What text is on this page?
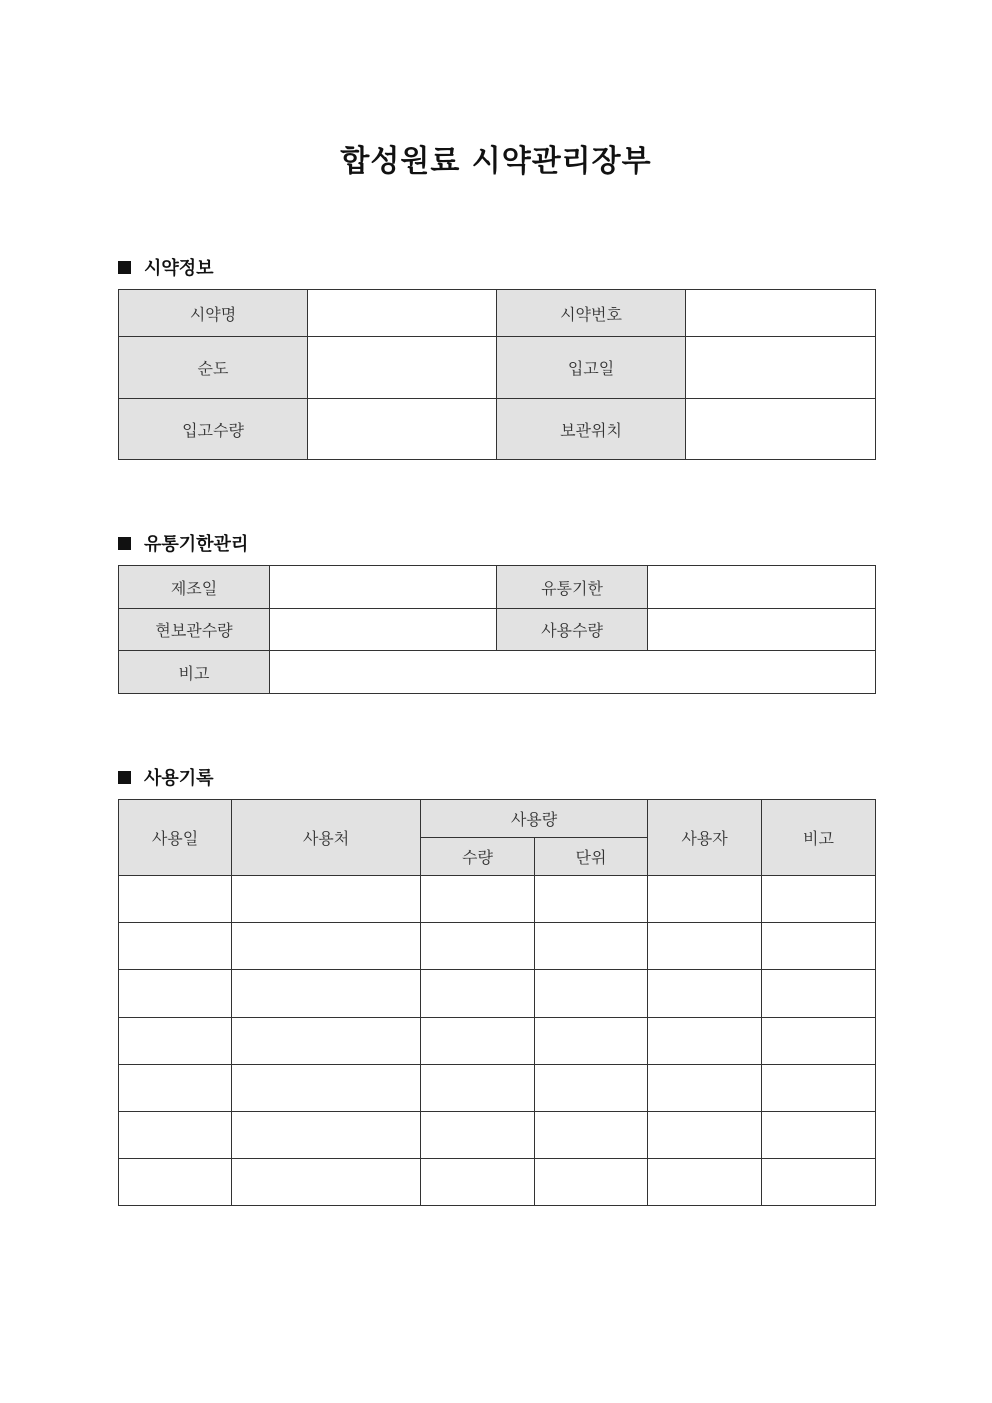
합성원료 시약관리장부
시약정보
시약명		시약번호	
순도		입고일	
입고수량		보관위치	
유통기한관리
제조일		유통기한	
현보관수량		사용수량	
비고			
사용기록
사용일	사용처	사용량		사용자	비고
		수량	단위		
